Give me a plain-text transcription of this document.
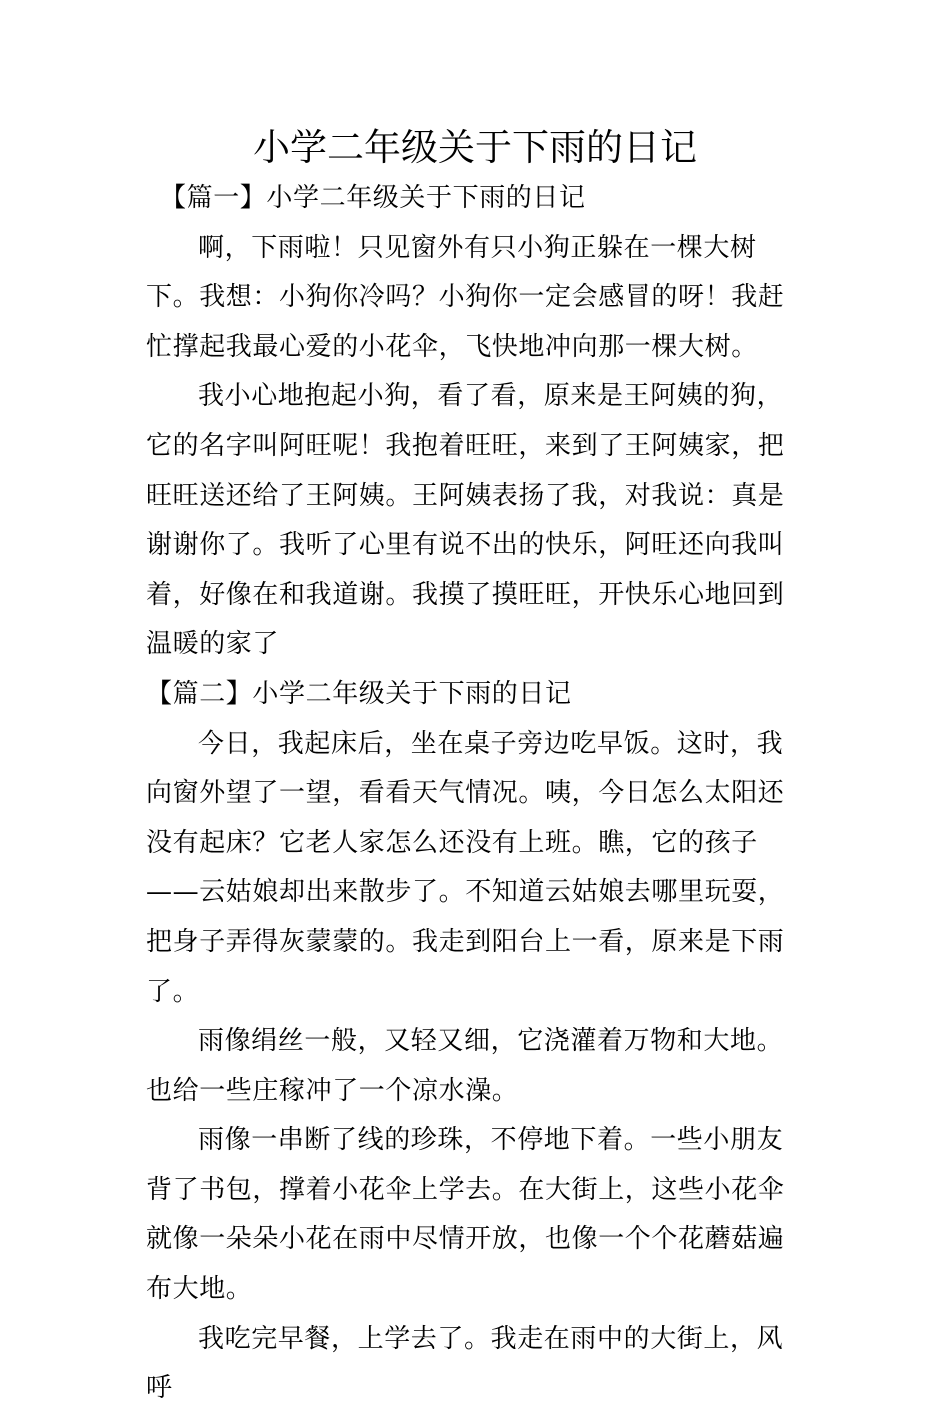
小学二年级关于下雨的日记

【篇一】小学二年级关于下雨的日记

啊，下雨啦！只见窗外有只小狗正躲在一棵大树下。我想：小狗你冷吗？小狗你一定会感冒的呀！我赶忙撑起我最心爱的小花伞，飞快地冲向那一棵大树。

我小心地抱起小狗，看了看，原来是王阿姨的狗，它的名字叫阿旺呢！我抱着旺旺，来到了王阿姨家，把旺旺送还给了王阿姨。王阿姨表扬了我，对我说：真是谢谢你了。我听了心里有说不出的快乐，阿旺还向我叫着，好像在和我道谢。我摸了摸旺旺，开快乐心地回到温暖的家了

【篇二】小学二年级关于下雨的日记

今日，我起床后，坐在桌子旁边吃早饭。这时，我向窗外望了一望，看看天气情况。咦，今日怎么太阳还没有起床？它老人家怎么还没有上班。瞧，它的孩子——云姑娘却出来散步了。不知道云姑娘去哪里玩耍，把身子弄得灰蒙蒙的。我走到阳台上一看，原来是下雨了。

雨像绢丝一般，又轻又细，它浇灌着万物和大地。也给一些庄稼冲了一个凉水澡。

雨像一串断了线的珍珠，不停地下着。一些小朋友背了书包，撑着小花伞上学去。在大街上，这些小花伞就像一朵朵小花在雨中尽情开放，也像一个个花蘑菇遍布大地。

我吃完早餐，上学去了。我走在雨中的大街上，风呼
